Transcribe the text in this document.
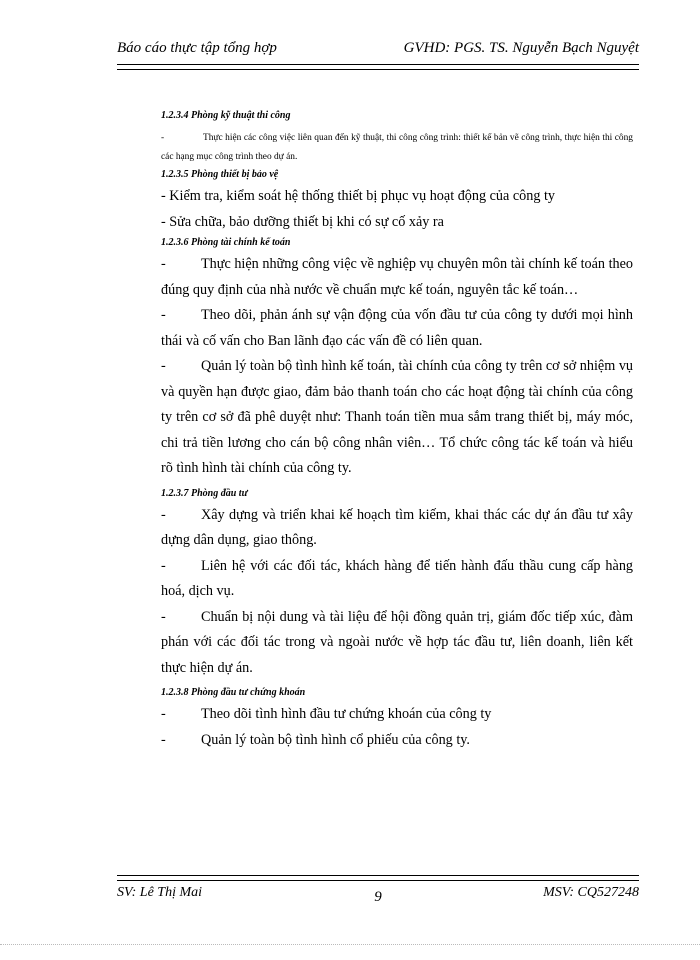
Báo cáo thực tập tổng hợp	GVHD: PGS. TS. Nguyễn Bạch Nguyệt

1.2.3.4 Phòng kỹ thuật thi công

-	Thực hiện các công việc liên quan đến kỹ thuật, thi công công trình: thiết kế bản vẽ công trình, thực hiện thi công các hạng mục công trình theo dự án.

1.2.3.5 Phòng thiết bị bảo vệ

- Kiểm tra, kiểm soát hệ thống thiết bị phục vụ hoạt động của công ty

- Sửa chữa, bảo dưỡng thiết bị khi có sự cố xảy ra

1.2.3.6 Phòng tài chính kế toán

- Thực hiện những công việc về nghiệp vụ chuyên môn tài chính kế toán theo đúng quy định của nhà nước về chuẩn mực kế toán, nguyên tắc kế toán…

- Theo dõi, phản ánh sự vận động của vốn đầu tư của công ty dưới mọi hình thái và cố vấn cho Ban lãnh đạo các vấn đề có liên quan.

- Quản lý toàn bộ tình hình kế toán, tài chính của công ty trên cơ sở nhiệm vụ và quyền hạn được giao, đảm bảo thanh toán cho các hoạt động tài chính của công ty trên cơ sở đã phê duyệt như: Thanh toán tiền mua sắm trang thiết bị, máy móc, chi trả tiền lương cho cán bộ công nhân viên… Tổ chức công tác kế toán và hiểu rõ tình hình tài chính của công ty.

1.2.3.7 Phòng đầu tư

- Xây dựng và triển khai kế hoạch tìm kiếm, khai thác các dự án đầu tư xây dựng dân dụng, giao thông.

- Liên hệ với các đối tác, khách hàng để tiến hành đấu thầu cung cấp hàng hoá, dịch vụ.

- Chuẩn bị nội dung và tài liệu để hội đồng quản trị, giám đốc tiếp xúc, đàm phán với các đối tác trong và ngoài nước về hợp tác đầu tư, liên doanh, liên kết thực hiện dự án.

1.2.3.8 Phòng đầu tư chứng khoán

- Theo dõi tình hình đầu tư chứng khoán của công ty

- Quản lý toàn bộ tình hình cổ phiếu của công ty.

SV: Lê Thị Mai	9	MSV: CQ527248
